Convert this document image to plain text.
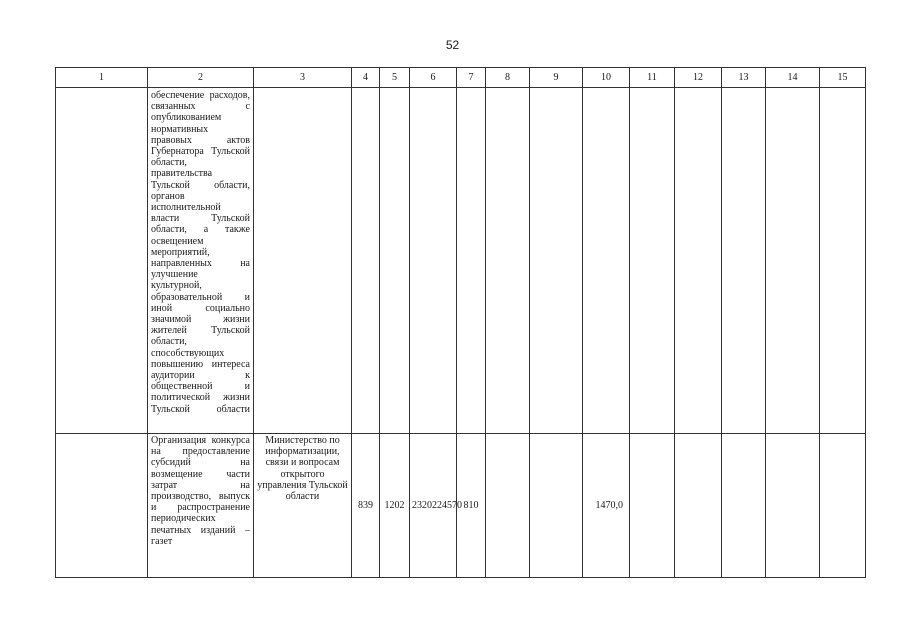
52
1	2	3	4	5	6	7	8	9	10	11	12	13	14	15
	обеспечение расходов, связанных с опубликованием нормативных правовых актов Губернатора Тульской области, правительства Тульской области, органов исполнительной власти Тульской области, а также освещением мероприятий, направленных на улучшение культурной, образовательной и иной социально значимой жизни жителей Тульской области, способствующих повышению интереса аудитории к общественной и политической жизни Тульской области													
	Организация конкурса на предоставление субсидий на возмещение части затрат на производство, выпуск и распространение периодических печатных изданий – газет	Министерство по информатизации, связи и вопросам открытого управления Тульской области	839	1202	2320224570	810			1470,0					
